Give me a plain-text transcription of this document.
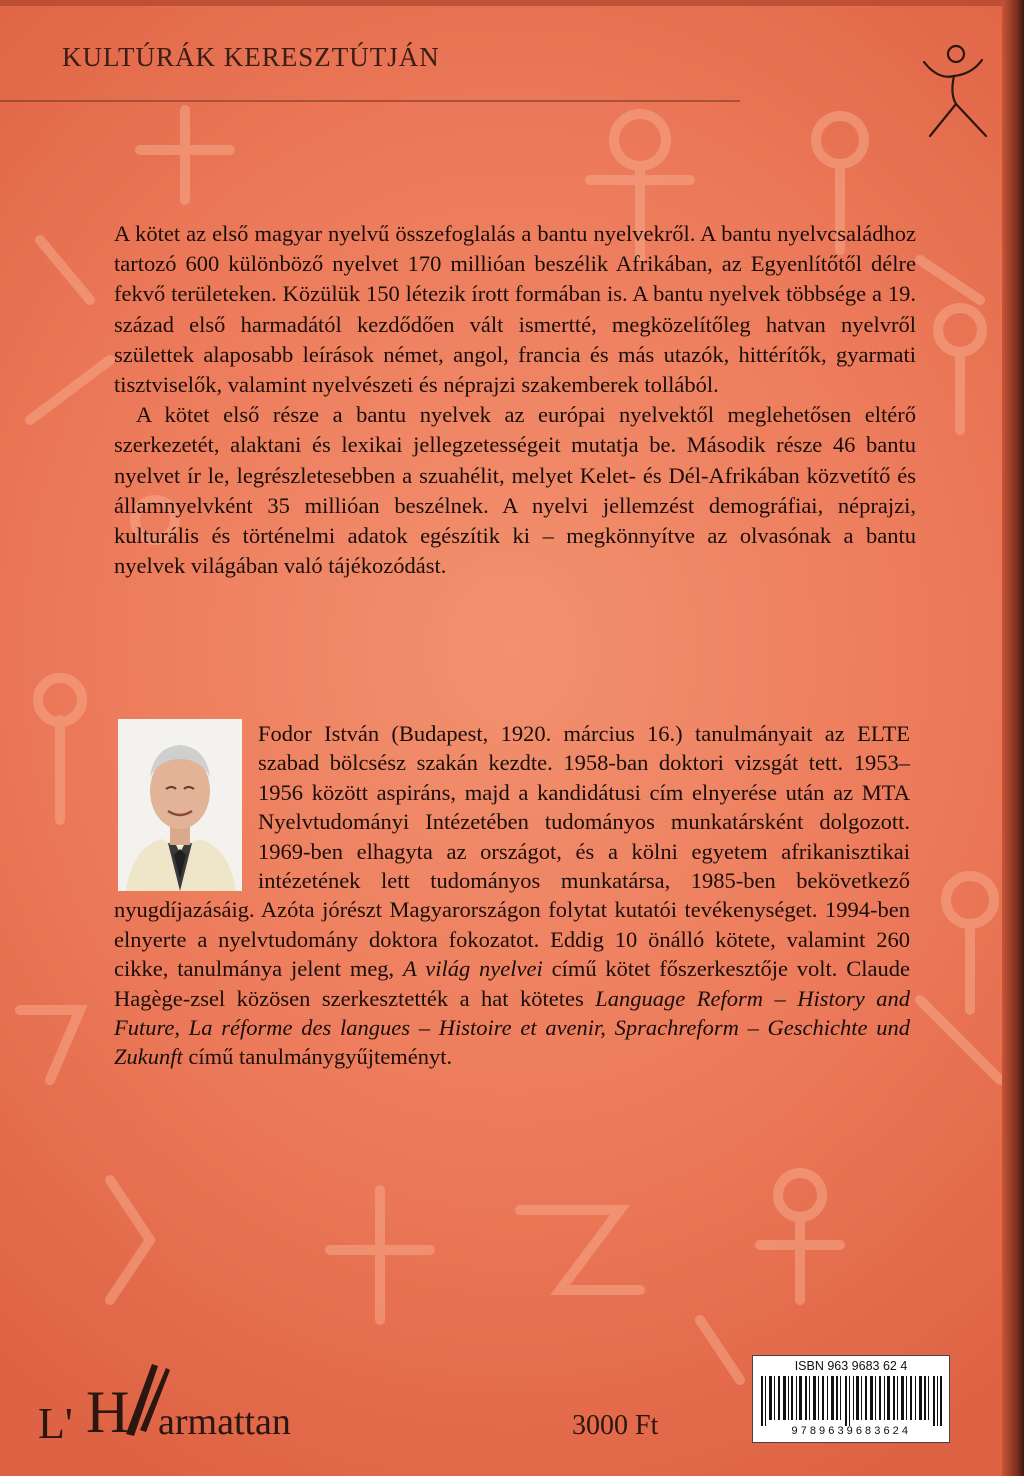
KULTÚRÁK KERESZTÚTJÁN

A kötet az első magyar nyelvű összefoglalás a bantu nyelvekről. A bantu nyelvcsaládhoz tartozó 600 különböző nyelvet 170 millióan beszélik Afrikában, az Egyenlítőtől délre fekvő területeken. Közülük 150 létezik írott formában is. A bantu nyelvek többsége a 19. század első harmadától kezdődően vált ismertté, megközelítőleg hatvan nyelvről születtek alaposabb leírások német, angol, francia és más utazók, hittérítők, gyarmati tisztviselők, valamint nyelvészeti és néprajzi szakemberek tollából.

A kötet első része a bantu nyelvek az európai nyelvektől meglehetősen eltérő szerkezetét, alaktani és lexikai jellegzetességeit mutatja be. Második része 46 bantu nyelvet ír le, legrészletesebben a szuahélit, melyet Kelet- és Dél-Afrikában közvetítő és államnyelvként 35 millióan beszélnek. A nyelvi jellemzést demográfiai, néprajzi, kulturális és történelmi adatok egészítik ki – megkönnyítve az olvasónak a bantu nyelvek világában való tájékozódást.

Fodor István (Budapest, 1920. március 16.) tanulmányait az ELTE szabad bölcsész szakán kezdte. 1958-ban doktori vizsgát tett. 1953–1956 között aspiráns, majd a kandidátusi cím elnyerése után az MTA Nyelvtudományi Intézetében tudományos munkatársként dolgozott. 1969-ben elhagyta az országot, és a kölni egyetem afrikanisztikai intézetének lett tudományos munkatársa, 1985-ben bekövetkező nyugdíjazásáig. Azóta jórészt Magyarországon folytat kutatói tevékenységet. 1994-ben elnyerte a nyelvtudomány doktora fokozatot. Eddig 10 önálló kötete, valamint 260 cikke, tanulmánya jelent meg, A világ nyelvei című kötet főszerkesztője volt. Claude Hagège-zsel közösen szerkesztették a hat kötetes Language Reform – History and Future, La réforme des langues – Histoire et avenir, Sprachreform – Geschichte und Zukunft című tanulmánygyűjteményt.
L' H armattan	3000 Ft
ISBN 963 9683 62 4
9789639683624
